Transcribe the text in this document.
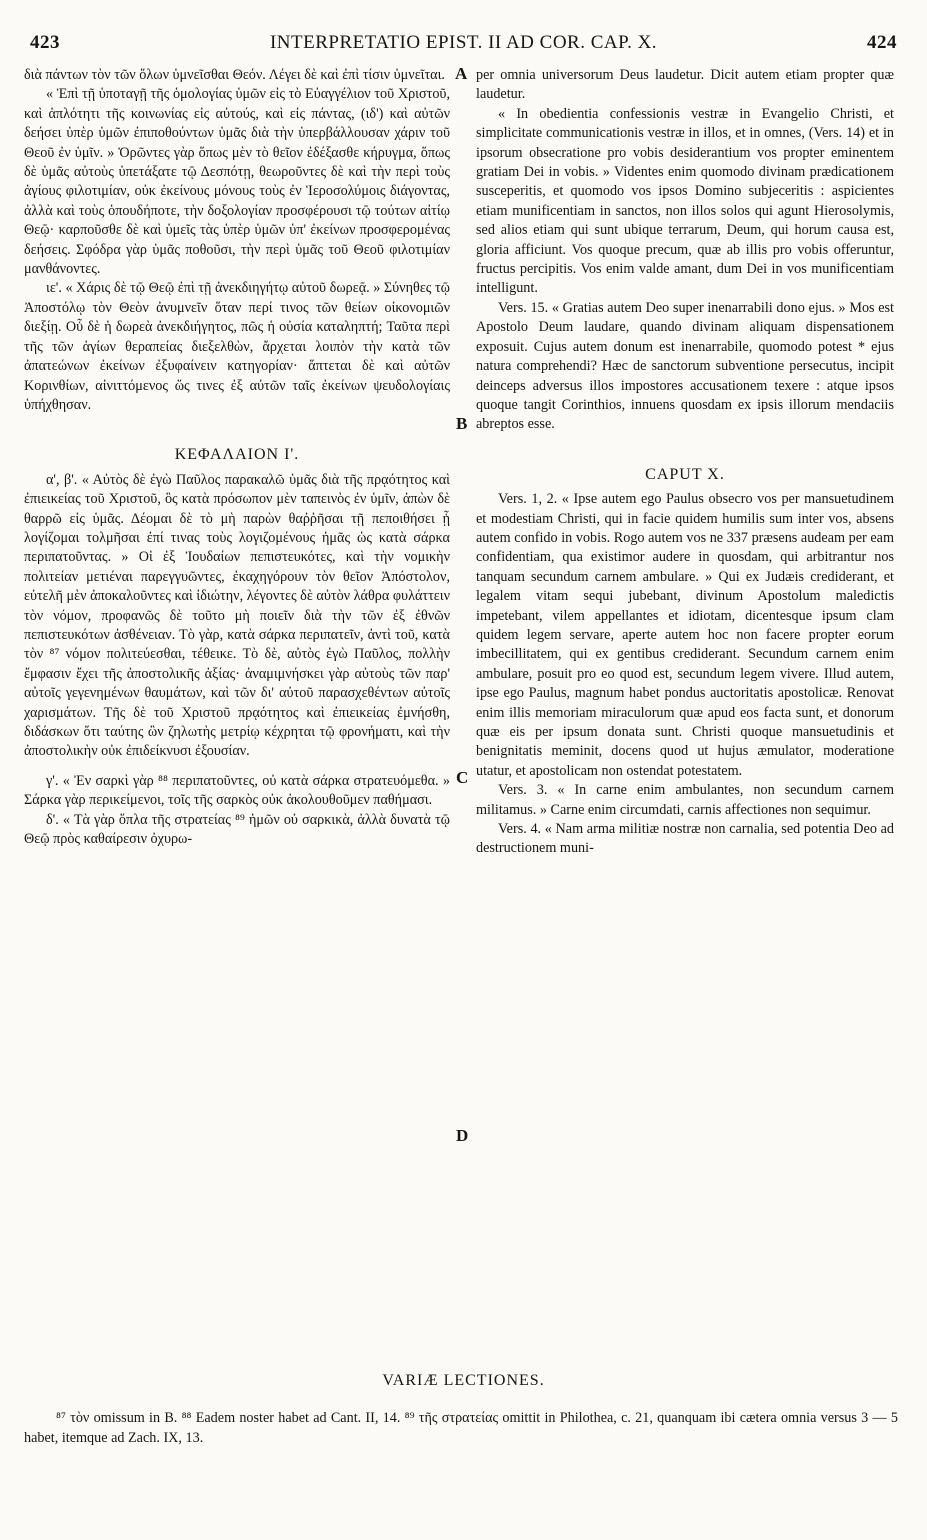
423	INTERPRETATIO EPIST. II AD COR. CAP. X.	424

διὰ πάντων τὸν τῶν ὅλων ὑμνεῖσθαι Θεόν. Λέγει δὲ καὶ ἐπὶ τίσιν ὑμνεῖται.

« Ἐπὶ τῇ ὑποταγῇ τῆς ὁμολογίας ὑμῶν εἰς τὸ Εὐαγγέλιον τοῦ Χριστοῦ, καὶ ἁπλότητι τῆς κοινωνίας εἰς αὐτούς, καὶ εἰς πάντας, (ιδ') καὶ αὐτῶν δεήσει ὑπὲρ ὑμῶν ἐπιποθούντων ὑμᾶς διὰ τὴν ὑπερβάλλουσαν χάριν τοῦ Θεοῦ ἐν ὑμῖν. » Ὁρῶντες γὰρ ὅπως μὲν τὸ θεῖον ἐδέξασθε κήρυγμα, ὅπως δὲ ὑμᾶς αὐτοὺς ὑπετάξατε τῷ Δεσπότῃ, θεωροῦντες δὲ καὶ τὴν περὶ τοὺς ἁγίους φιλοτιμίαν, οὐκ ἐκείνους μόνους τοὺς ἐν Ἱεροσολύμοις διάγοντας, ἀλλὰ καὶ τοὺς ὁπουδήποτε, τὴν δοξολογίαν προσφέρουσι τῷ τούτων αἰτίῳ Θεῷ· καρποῦσθε δὲ καὶ ὑμεῖς τὰς ὑπὲρ ὑμῶν ὑπ' ἐκείνων προσφερομένας δεήσεις. Σφόδρα γὰρ ὑμᾶς ποθοῦσι, τὴν περὶ ὑμᾶς τοῦ Θεοῦ φιλοτιμίαν μανθάνοντες.

ιε'. « Χάρις δὲ τῷ Θεῷ ἐπὶ τῇ ἀνεκδιηγήτῳ αὐτοῦ δωρεᾷ. » Σύνηθες τῷ Ἀποστόλῳ τὸν Θεὸν ἀνυμνεῖν ὅταν περί τινος τῶν θείων οἰκονομιῶν διεξίῃ. Οὗ δὲ ἡ δωρεὰ ἀνεκδιήγητος, πῶς ἡ οὐσία καταληπτή; Ταῦτα περὶ τῆς τῶν ἁγίων θεραπείας διεξελθὼν, ἄρχεται λοιπὸν τὴν κατὰ τῶν ἀπατεώνων ἐκείνων ἐξυφαίνειν κατηγορίαν· ἅπτεται δὲ καὶ αὐτῶν Κορινθίων, αἰνιττόμενος ὥς τινες ἐξ αὐτῶν ταῖς ἐκείνων ψευδολογίαις ὑπήχθησαν.

ΚΕΦΑΛΑΙΟΝ Ι'.

α', β'. « Αὐτὸς δὲ ἐγὼ Παῦλος παρακαλῶ ὑμᾶς διὰ τῆς πρᾳότητος καὶ ἐπιεικείας τοῦ Χριστοῦ, ὃς κατὰ πρόσωπον μὲν ταπεινὸς ἐν ὑμῖν, ἀπὼν δὲ θαρρῶ εἰς ὑμᾶς. Δέομαι δὲ τὸ μὴ παρὼν θαῤῥῆσαι τῇ πεποιθήσει ᾗ λογίζομαι τολμῆσαι ἐπί τινας τοὺς λογιζομένους ἡμᾶς ὡς κατὰ σάρκα περιπατοῦντας. » Οἱ ἐξ Ἰουδαίων πεπιστευκότες, καὶ τὴν νομικὴν πολιτείαν μετιέναι παρεγγυῶντες, ἐκαχηγόρουν τὸν θεῖον Ἀπόστολον, εὐτελῆ μὲν ἀποκαλοῦντες καὶ ἰδιώτην, λέγοντες δὲ αὐτὸν λάθρα φυλάττειν τὸν νόμον, προφανῶς δὲ τοῦτο μὴ ποιεῖν διὰ τὴν τῶν ἐξ ἐθνῶν πεπιστευκότων ἀσθένειαν. Τὸ γὰρ, κατὰ σάρκα περιπατεῖν, ἀντὶ τοῦ, κατὰ τὸν ⁸⁷ νόμον πολιτεύεσθαι, τέθεικε. Τὸ δὲ, αὐτὸς ἐγὼ Παῦλος, πολλὴν ἔμφασιν ἔχει τῆς ἀποστολικῆς ἀξίας· ἀναμιμνήσκει γὰρ αὐτοὺς τῶν παρ' αὐτοῖς γεγενημένων θαυμάτων, καὶ τῶν δι' αὐτοῦ παρασχεθέντων αὐτοῖς χαρισμάτων. Τῆς δὲ τοῦ Χριστοῦ πρᾳότητος καὶ ἐπιεικείας ἐμνήσθη, διδάσκων ὅτι ταύτης ὢν ζηλωτὴς μετρίῳ κέχρηται τῷ φρονήματι, καὶ τὴν ἀποστολικὴν οὐκ ἐπιδείκνυσι ἐξουσίαν.

γ'. « Ἐν σαρκὶ γὰρ ⁸⁸ περιπατοῦντες, οὐ κατὰ σάρκα στρατευόμεθα. » Σάρκα γὰρ περικείμενοι, τοῖς τῆς σαρκὸς οὐκ ἀκολουθοῦμεν παθήμασι.

δ'. « Τὰ γὰρ ὅπλα τῆς στρατείας ⁸⁹ ἡμῶν οὐ σαρκικὰ, ἀλλὰ δυνατὰ τῷ Θεῷ πρὸς καθαίρεσιν ὀχυρω-

per omnia universorum Deus laudetur. Dicit autem etiam propter quæ laudetur.

« In obedientia confessionis vestræ in Evangelio Christi, et simplicitate communicationis vestræ in illos, et in omnes, (Vers. 14) et in ipsorum obsecratione pro vobis desiderantium vos propter eminentem gratiam Dei in vobis. » Videntes enim quomodo divinam prædicationem susceperitis, et quomodo vos ipsos Domino subjeceritis : aspicientes etiam munificentiam in sanctos, non illos solos qui agunt Hierosolymis, sed alios etiam qui sunt ubique terrarum, Deum, qui horum causa est, gloria afficiunt. Vos quoque precum, quæ ab illis pro vobis offeruntur, fructus percipitis. Vos enim valde amant, dum Dei in vos munificentiam intelligunt.

Vers. 15. « Gratias autem Deo super inenarrabili dono ejus. » Mos est Apostolo Deum laudare, quando divinam aliquam dispensationem exposuit. Cujus autem donum est inenarrabile, quomodo potest * ejus natura comprehendi? Hæc de sanctorum subventione persecutus, incipit deinceps adversus illos impostores accusationem texere : atque ipsos quoque tangit Corinthios, innuens quosdam ex ipsis illorum mendaciis abreptos esse.

CAPUT X.

Vers. 1, 2. « Ipse autem ego Paulus obsecro vos per mansuetudinem et modestiam Christi, qui in facie quidem humilis sum inter vos, absens autem confido in vobis. Rogo autem vos ne 337 præsens audeam per eam confidentiam, qua existimor audere in quosdam, qui arbitrantur nos tanquam secundum carnem ambulare. » Qui ex Judæis crediderant, et legalem vitam sequi jubebant, divinum Apostolum maledictis impetebant, vilem appellantes et idiotam, dicentesque ipsum clam quidem legem servare, aperte autem hoc non facere propter eorum imbecillitatem, qui ex gentibus crediderant. Secundum carnem enim ambulare, posuit pro eo quod est, secundum legem vivere. Illud autem, ipse ego Paulus, magnum habet pondus auctoritatis apostolicæ. Renovat enim illis memoriam miraculorum quæ apud eos facta sunt, et donorum quæ eis per ipsum donata sunt. Christi quoque mansuetudinis et benignitatis meminit, docens quod ut hujus æmulator, moderatione utatur, et apostolicam non ostendat potestatem.

Vers. 3. « In carne enim ambulantes, non secundum carnem militamus. » Carne enim circumdati, carnis affectiones non sequimur.

Vers. 4. « Nam arma militiæ nostræ non carnalia, sed potentia Deo ad destructionem muni-

A
B
C
D
VARIÆ LECTIONES.
⁸⁷ τὸν omissum in B. ⁸⁸ Eadem noster habet ad Cant. II, 14. ⁸⁹ τῆς στρατείας omittit in Philothea, c. 21, quanquam ibi cætera omnia versus 3 — 5 habet, itemque ad Zach. IX, 13.
